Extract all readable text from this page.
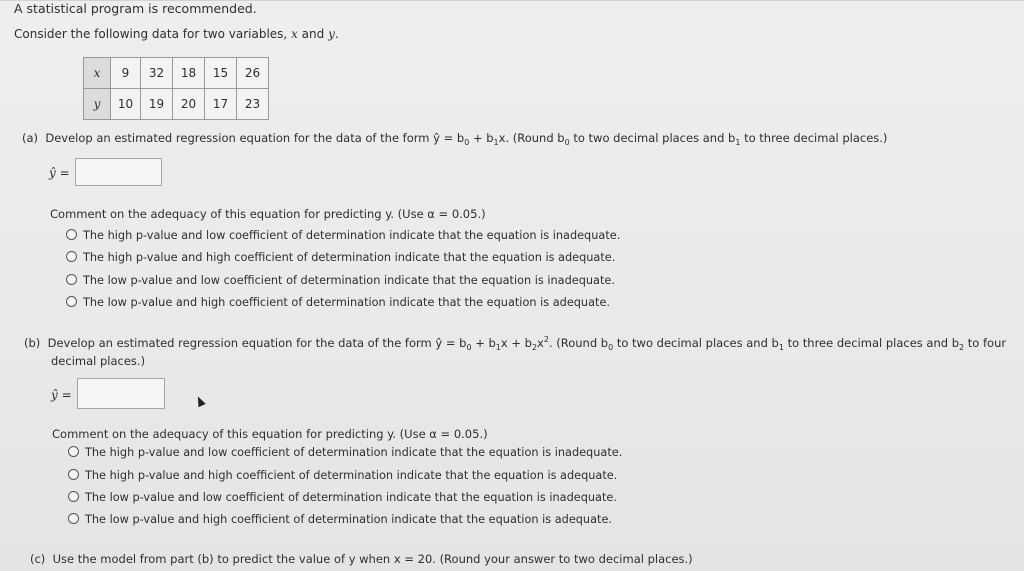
A statistical program is recommended.
Consider the following data for two variables, x and y.
x	9	32	18	15	26
y	10	19	20	17	23
(a) Develop an estimated regression equation for the data of the form ŷ = $b_0 + b_1x$. (Round $b_0$ to two decimal places and $b_1$ to three decimal places.)
ŷ =
Comment on the adequacy of this equation for predicting y. (Use α = 0.05.)
The high p-value and low coefficient of determination indicate that the equation is inadequate.
The high p-value and high coefficient of determination indicate that the equation is adequate.
The low p-value and low coefficient of determination indicate that the equation is inadequate.
The low p-value and high coefficient of determination indicate that the equation is adequate.
(b) Develop an estimated regression equation for the data of the form ŷ = $b_0 + b_1x + b_2x^2$. (Round $b_0$ to two decimal places and $b_1$ to three decimal places and $b_2$ to four
decimal places.)
ŷ =
Comment on the adequacy of this equation for predicting y. (Use α = 0.05.)
The high p-value and low coefficient of determination indicate that the equation is inadequate.
The high p-value and high coefficient of determination indicate that the equation is adequate.
The low p-value and low coefficient of determination indicate that the equation is inadequate.
The low p-value and high coefficient of determination indicate that the equation is adequate.
(c) Use the model from part (b) to predict the value of y when x = 20. (Round your answer to two decimal places.)
